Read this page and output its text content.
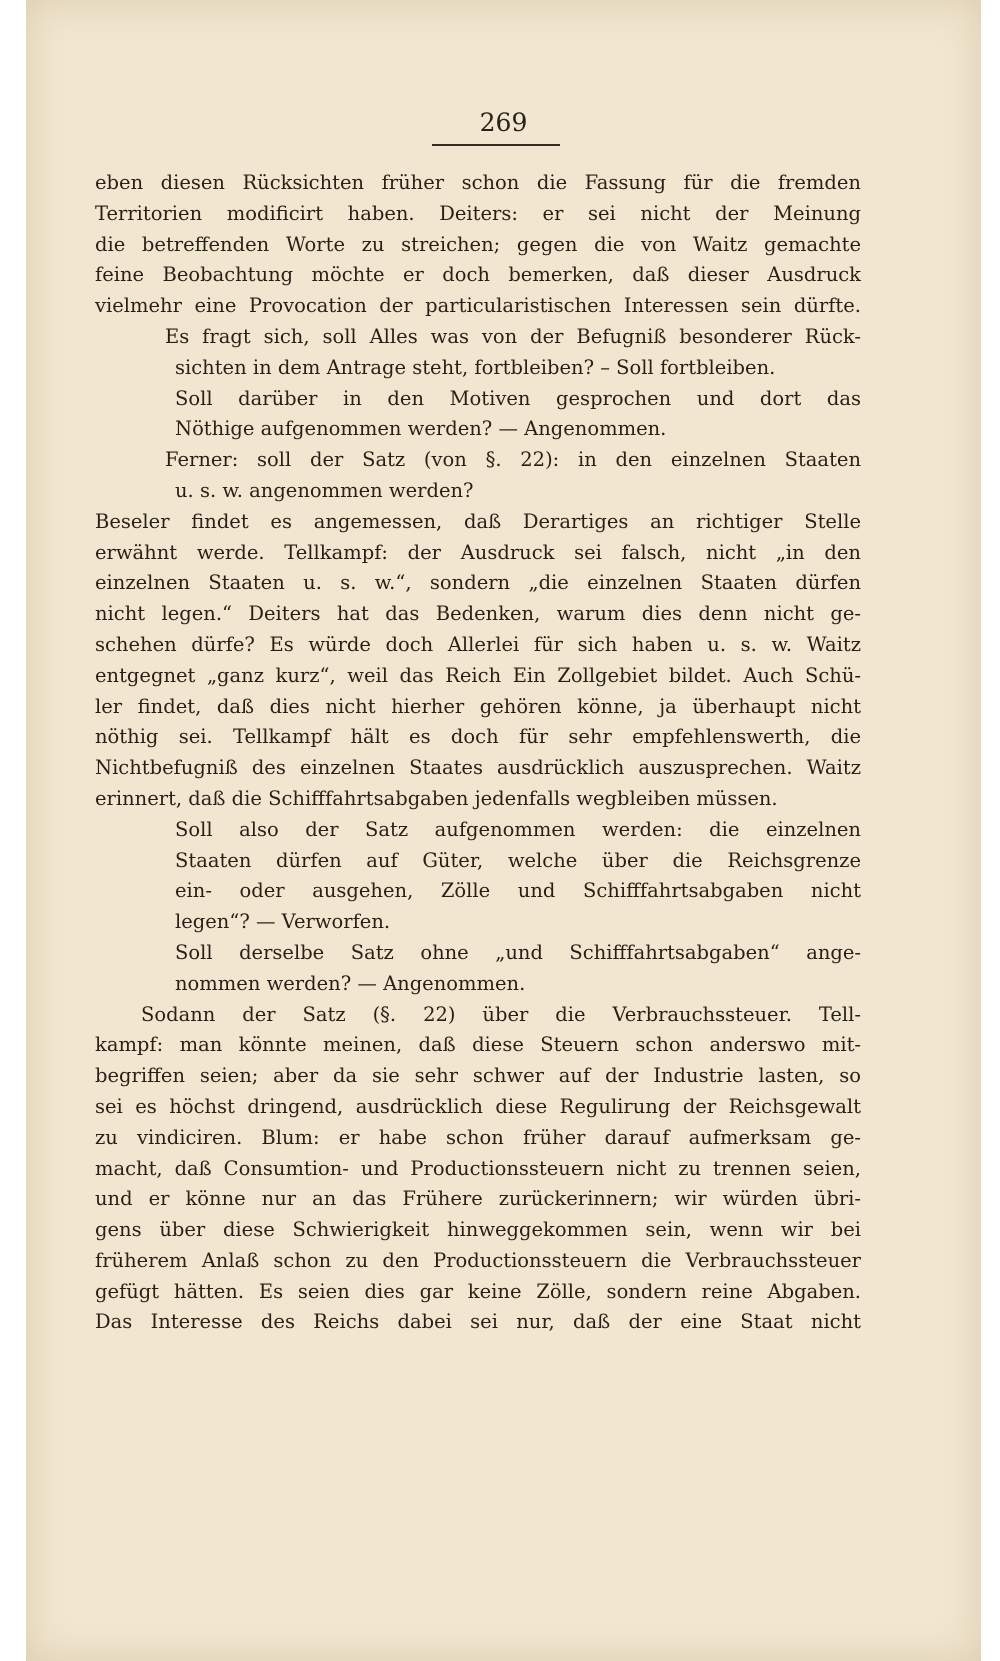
269
eben diesen Rücksichten früher schon die Fassung für die fremden
Territorien modificirt haben. Deiters: er sei nicht der Meinung
die betreffenden Worte zu streichen; gegen die von Waitz gemachte
feine Beobachtung möchte er doch bemerken, daß dieser Ausdruck
vielmehr eine Provocation der particularistischen Interessen sein dürfte.
Es fragt sich, soll Alles was von der Befugniß besonderer Rück-
sichten in dem Antrage steht, fortbleiben? – Soll fortbleiben.
Soll darüber in den Motiven gesprochen und dort das
Nöthige aufgenommen werden? — Angenommen.
Ferner: soll der Satz (von §. 22): in den einzelnen Staaten
u. s. w. angenommen werden?
Beseler findet es angemessen, daß Derartiges an richtiger Stelle
erwähnt werde. Tellkampf: der Ausdruck sei falsch, nicht „in den
einzelnen Staaten u. s. w.“, sondern „die einzelnen Staaten dürfen
nicht legen.“ Deiters hat das Bedenken, warum dies denn nicht ge-
schehen dürfe? Es würde doch Allerlei für sich haben u. s. w. Waitz
entgegnet „ganz kurz“, weil das Reich Ein Zollgebiet bildet. Auch Schü-
ler findet, daß dies nicht hierher gehören könne, ja überhaupt nicht
nöthig sei. Tellkampf hält es doch für sehr empfehlenswerth, die
Nichtbefugniß des einzelnen Staates ausdrücklich auszusprechen. Waitz
erinnert, daß die Schifffahrtsabgaben jedenfalls wegbleiben müssen.
Soll also der Satz aufgenommen werden: die einzelnen
Staaten dürfen auf Güter, welche über die Reichsgrenze
ein- oder ausgehen, Zölle und Schifffahrtsabgaben nicht
legen“? — Verworfen.
Soll derselbe Satz ohne „und Schifffahrtsabgaben“ ange-
nommen werden? — Angenommen.
Sodann der Satz (§. 22) über die Verbrauchssteuer. Tell-
kampf: man könnte meinen, daß diese Steuern schon anderswo mit-
begriffen seien; aber da sie sehr schwer auf der Industrie lasten, so
sei es höchst dringend, ausdrücklich diese Regulirung der Reichsgewalt
zu vindiciren. Blum: er habe schon früher darauf aufmerksam ge-
macht, daß Consumtion- und Productionssteuern nicht zu trennen seien,
und er könne nur an das Frühere zurückerinnern; wir würden übri-
gens über diese Schwierigkeit hinweggekommen sein, wenn wir bei
früherem Anlaß schon zu den Productionssteuern die Verbrauchssteuer
gefügt hätten. Es seien dies gar keine Zölle, sondern reine Abgaben.
Das Interesse des Reichs dabei sei nur, daß der eine Staat nicht
